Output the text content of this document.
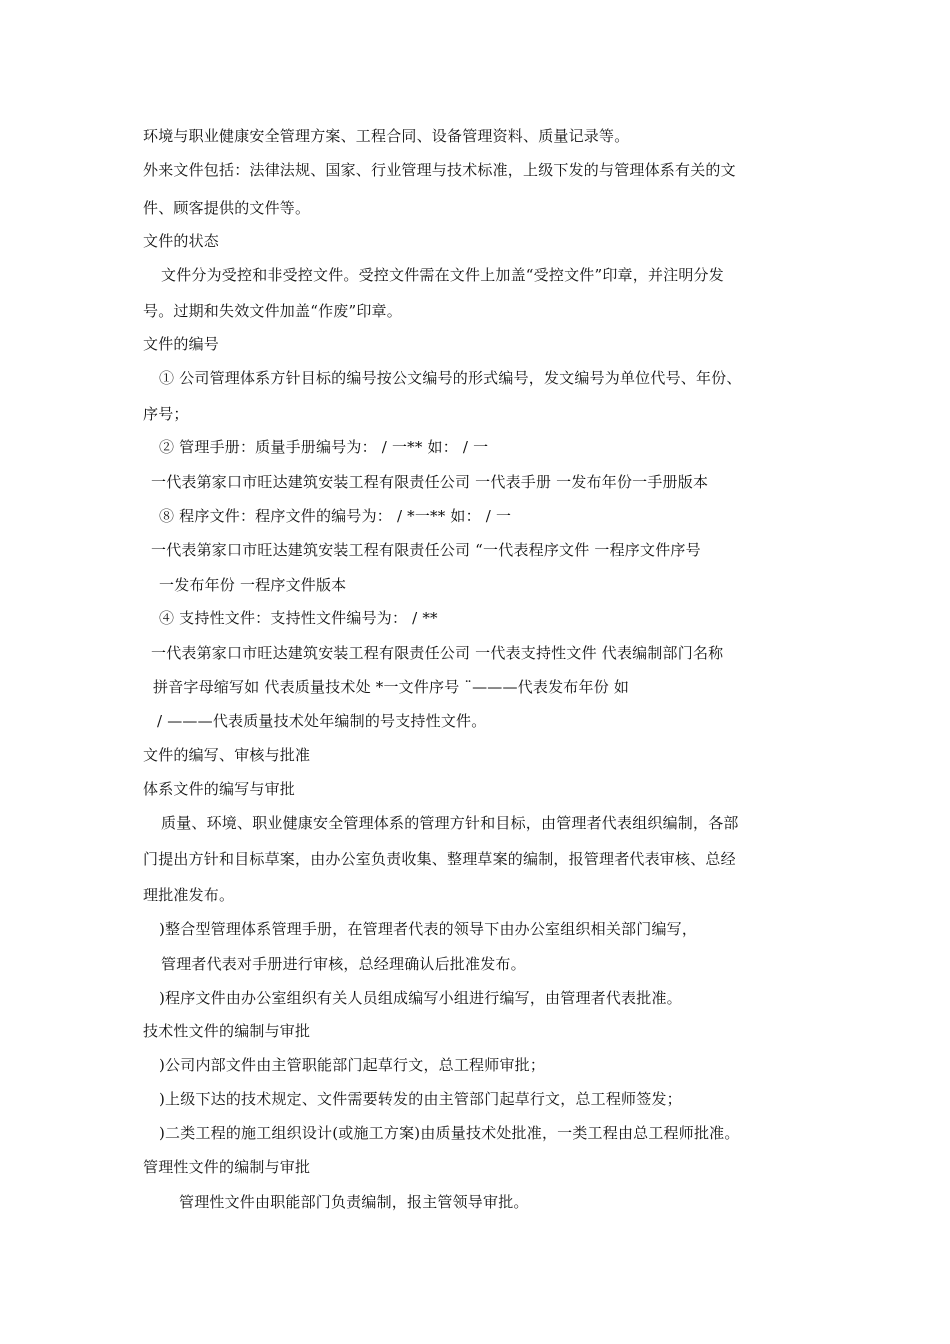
环境与职业健康安全管理方案、工程合同、设备管理资料、质量记录等。
外来文件包括：法律法规、国家、行业管理与技术标准，上级下发的与管理体系有关的文
件、顾客提供的文件等。
文件的状态
文件分为受控和非受控文件。受控文件需在文件上加盖“受控文件”印章，并注明分发
号。过期和失效文件加盖“作废”印章。
文件的编号
① 公司管理体系方针目标的编号按公文编号的形式编号，发文编号为单位代号、年份、
序号；
② 管理手册：质量手册编号为： / 一** 如： / 一
一代表第家口市旺达建筑安装工程有限责任公司 一代表手册 一发布年份一手册版本
⑧ 程序文件：程序文件的编号为： / *一** 如： / 一
一代表第家口市旺达建筑安装工程有限责任公司 “一代表程序文件 一程序文件序号
一发布年份 一程序文件版本
④ 支持性文件：支持性文件编号为： / **
一代表第家口市旺达建筑安装工程有限责任公司 一代表支持性文件 代表编制部门名称
拼音字母缩写如 代表质量技术处 *一文件序号 ¨———代表发布年份 如
/ ———代表质量技术处年编制的号支持性文件。
文件的编写、审核与批准
体系文件的编写与审批
质量、环境、职业健康安全管理体系的管理方针和目标，由管理者代表组织编制，各部
门提出方针和目标草案，由办公室负责收集、整理草案的编制，报管理者代表审核、总经
理批准发布。
)整合型管理体系管理手册，在管理者代表的领导下由办公室组织相关部门编写，
管理者代表对手册进行审核，总经理确认后批准发布。
)程序文件由办公室组织有关人员组成编写小组进行编写，由管理者代表批准。
技术性文件的编制与审批
)公司内部文件由主管职能部门起草行文，总工程师审批；
)上级下达的技术规定、文件需要转发的由主管部门起草行文，总工程师签发；
)二类工程的施工组织设计(或施工方案)由质量技术处批准，一类工程由总工程师批准。
管理性文件的编制与审批
管理性文件由职能部门负责编制，报主管领导审批。
